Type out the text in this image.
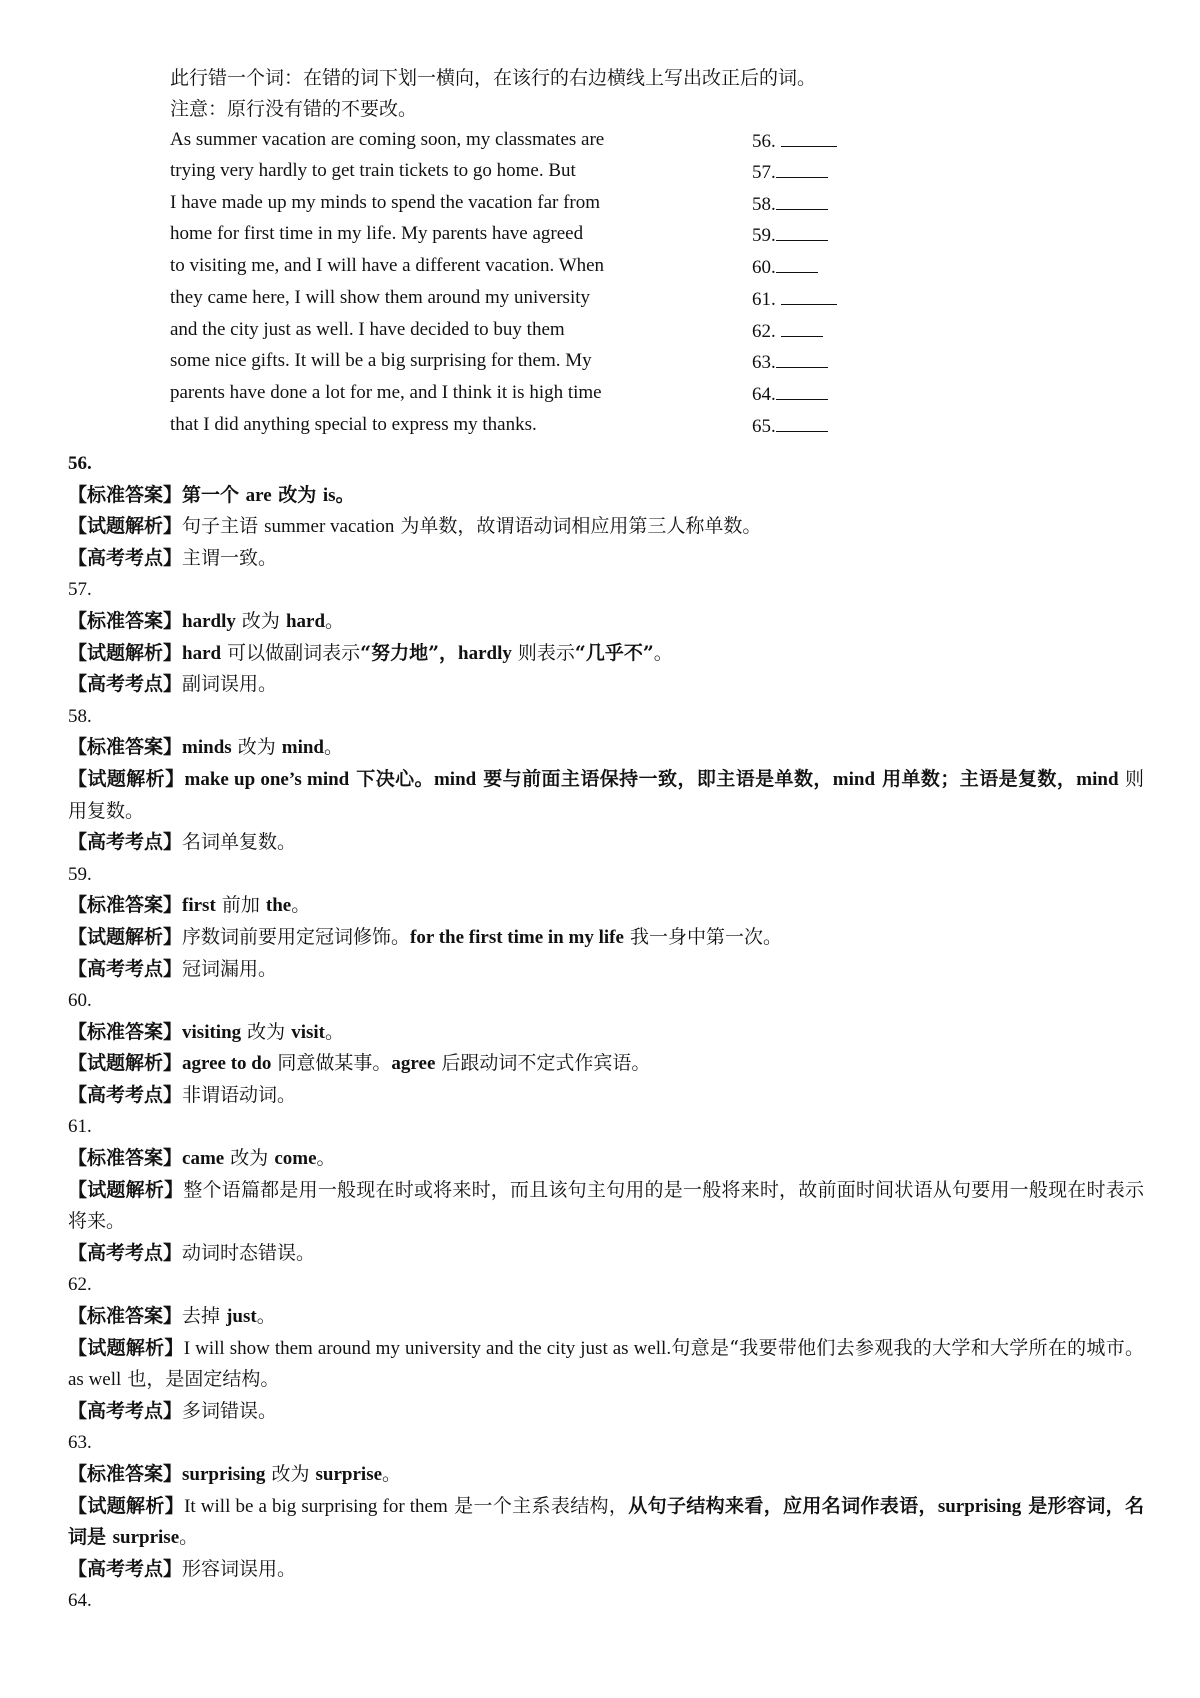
此行错一个词：在错的词下划一横向，在该行的右边横线上写出改正后的词。
注意：原行没有错的不要改。
As summer vacation are coming soon, my classmates are	56.
trying very hardly to get train tickets to go home. But	57.
I have made up my minds to spend the vacation far from	58.
home for first time in my life. My parents have agreed	59.
to visiting me, and I will have a different vacation. When	60.
they came here, I will show them around my university	61.
and the city just as well. I have decided to buy them	62.
some nice gifts. It will be a big surprising for them. My	63.
parents have done a lot for me, and I think it is high time	64.
that I did anything special to express my thanks.	65.
56.
【标准答案】第一个 are 改为 is。
【试题解析】句子主语 summer vacation 为单数，故谓语动词相应用第三人称单数。
【高考考点】主谓一致。
57.
【标准答案】hardly 改为 hard。
【试题解析】hard 可以做副词表示“努力地”，hardly 则表示“几乎不”。
【高考考点】副词误用。
58.
【标准答案】minds 改为 mind。
【试题解析】make up one’s mind 下决心。mind 要与前面主语保持一致，即主语是单数，mind 用单数；主语是复数，mind 则用复数。
【高考考点】名词单复数。
59.
【标准答案】first 前加 the。
【试题解析】序数词前要用定冠词修饰。for the first time in my life 我一身中第一次。
【高考考点】冠词漏用。
60.
【标准答案】visiting 改为 visit。
【试题解析】agree to do 同意做某事。agree 后跟动词不定式作宾语。
【高考考点】非谓语动词。
61.
【标准答案】came 改为 come。
【试题解析】整个语篇都是用一般现在时或将来时，而且该句主句用的是一般将来时，故前面时间状语从句要用一般现在时表示将来。
【高考考点】动词时态错误。
62.
【标准答案】去掉 just。
【试题解析】I will show them around my university and the city just as well.句意是“我要带他们去参观我的大学和大学所在的城市。as well 也，是固定结构。
【高考考点】多词错误。
63.
【标准答案】surprising 改为 surprise。
【试题解析】It will be a big surprising for them 是一个主系表结构，从句子结构来看，应用名词作表语，surprising 是形容词，名词是 surprise。
【高考考点】形容词误用。
64.
